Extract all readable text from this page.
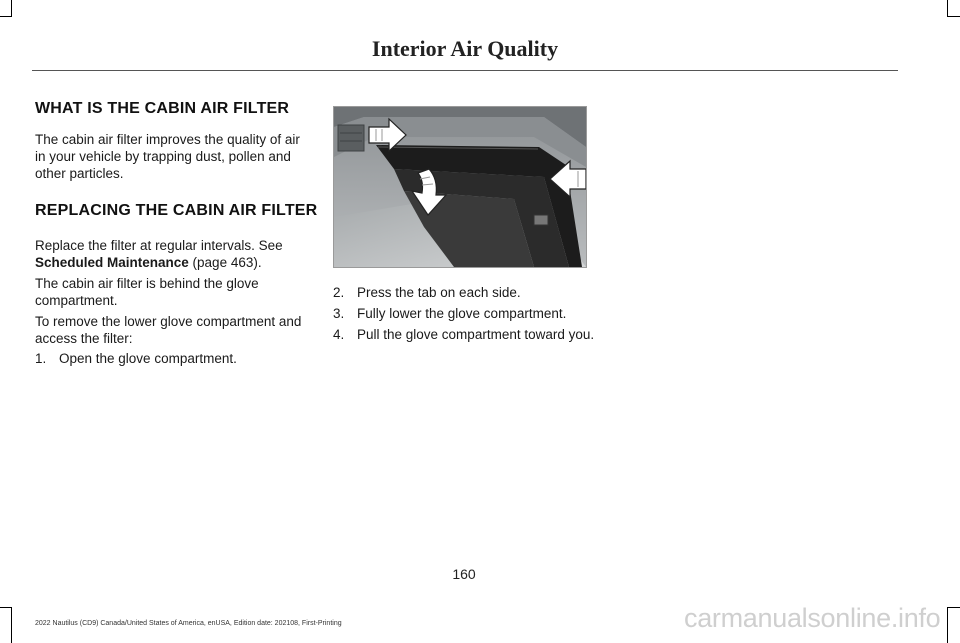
Interior Air Quality
WHAT IS THE CABIN AIR FILTER
The cabin air filter improves the quality of air in your vehicle by trapping dust, pollen and other particles.
REPLACING THE CABIN AIR FILTER
Replace the filter at regular intervals. See Scheduled Maintenance (page 463).
The cabin air filter is behind the glove compartment.
To remove the lower glove compartment and access the filter:
1. Open the glove compartment.
2. Press the tab on each side.
3. Fully lower the glove compartment.
4. Pull the glove compartment toward you.
160
2022 Nautilus (CD9) Canada/United States of America, enUSA, Edition date: 202108, First-Printing	carmanualsonline.info
